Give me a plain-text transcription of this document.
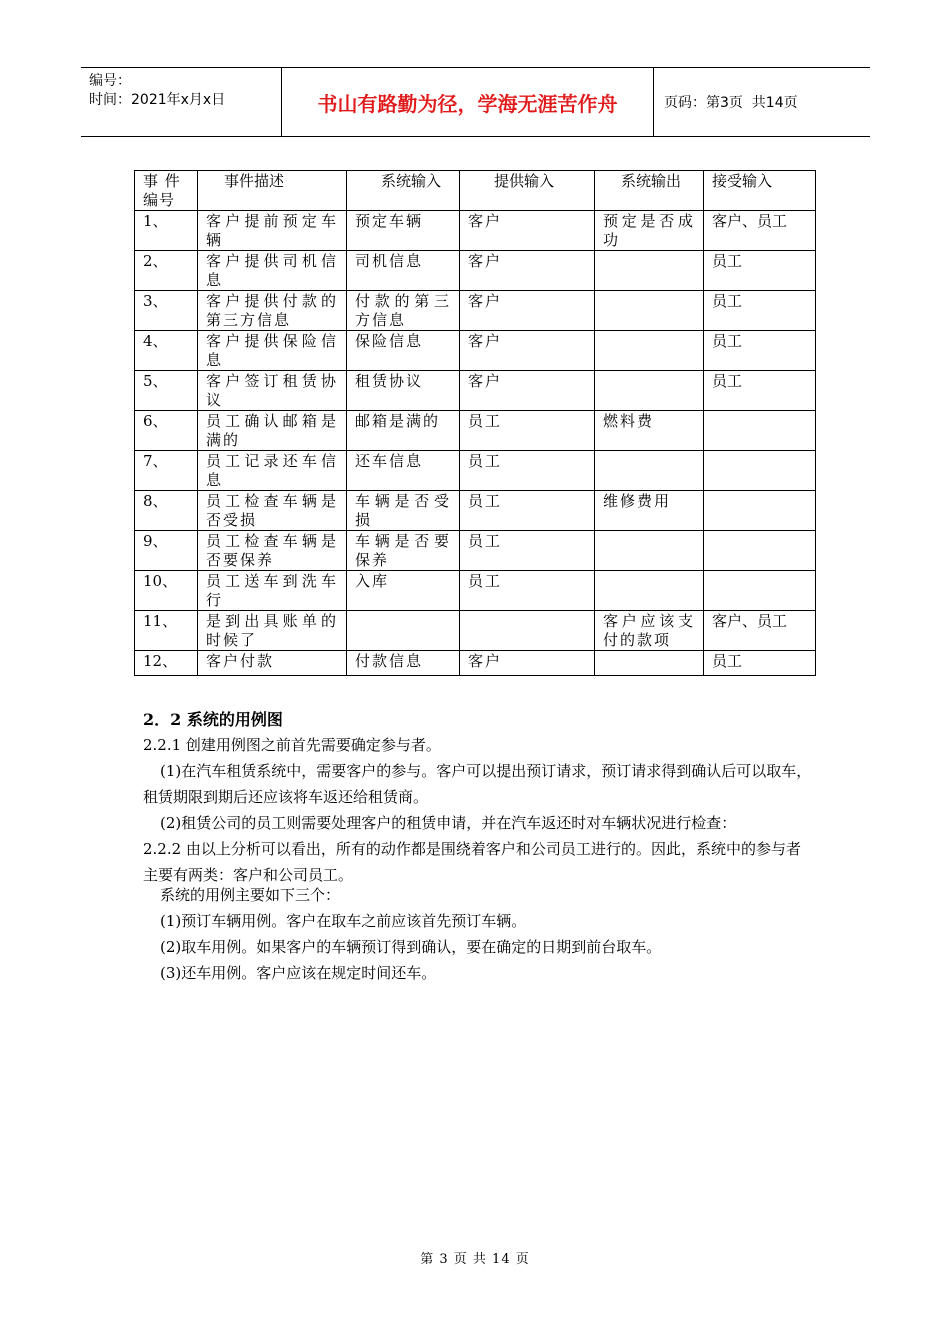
编号：
时间：2021年x月x日	书山有路勤为径，学海无涯苦作舟	页码：第3页  共14页
事 件编号	事件描述	系统输入	提供输入	系统输出	接受输入
1、	客户提前预定车辆	预定车辆	客户	预定是否成功	客户、员工
2、	客户提供司机信息	司机信息	客户		员工
3、	客户提供付款的第三方信息	付款的第三方信息	客户		员工
4、	客户提供保险信息	保险信息	客户		员工
5、	客户签订租赁协议	租赁协议	客户		员工
6、	员工确认邮箱是满的	邮箱是满的	员工	燃料费	
7、	员工记录还车信息	还车信息	员工		
8、	员工检查车辆是否受损	车辆是否受损	员工	维修费用	
9、	员工检查车辆是否要保养	车辆是否要保养	员工		
10、	员工送车到洗车行	入库	员工		
11、	是到出具账单的时候了			客户应该支付的款项	客户、员工
12、	客户付款	付款信息	客户		员工
2．2 系统的用例图
2.2.1 创建用例图之前首先需要确定参与者。
(1)在汽车租赁系统中，需要客户的参与。客户可以提出预订请求，预订请求得到确认后可以取车，租赁期限到期后还应该将车返还给租赁商。
(2)租赁公司的员工则需要处理客户的租赁申请，并在汽车返还时对车辆状况进行检查：
2.2.2 由以上分析可以看出，所有的动作都是围绕着客户和公司员工进行的。因此，系统中的参与者主要有两类：客户和公司员工。
系统的用例主要如下三个：
(1)预订车辆用例。客户在取车之前应该首先预订车辆。
(2)取车用例。如果客户的车辆预订得到确认，要在确定的日期到前台取车。
(3)还车用例。客户应该在规定时间还车。
第 3 页 共 14 页
